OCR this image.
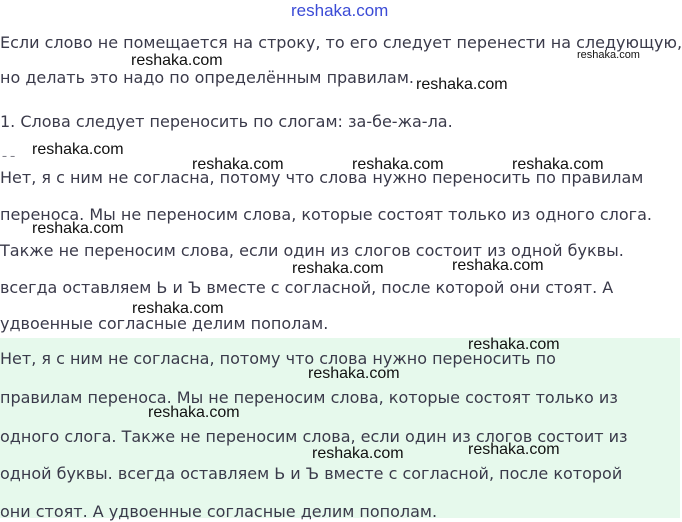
reshaka.com
Если слово не помещается на строку, то его следует перенести на следующую,
но делать это надо по определённым правилам.
reshaka.com	reshaka.com
reshaka.com
1. Слова следует переносить по слогам: за-бе-жа-ла.
– –	reshaka.com
reshaka.com	reshaka.com	reshaka.com
Нет, я с ним не согласна, потому что слова нужно переносить по правилам
переноса. Мы не переносим слова, которые состоят только из одного слога.
reshaka.com
Также не переносим слова, если один из слогов состоит из одной буквы.
reshaka.com	reshaka.com
всегда оставляем Ь и Ъ вместе с согласной, после которой они стоят. А
reshaka.com
удвоенные согласные делим пополам.
Нет, я с ним не согласна, потому что слова нужно переносить по
reshaka.com
reshaka.com
правилам переноса. Мы не переносим слова, которые состоят только из
reshaka.com
одного слога. Также не переносим слова, если один из слогов состоит из
reshaka.com	reshaka.com
одной буквы. всегда оставляем Ь и Ъ вместе с согласной, после которой
они стоят. А удвоенные согласные делим пополам.
